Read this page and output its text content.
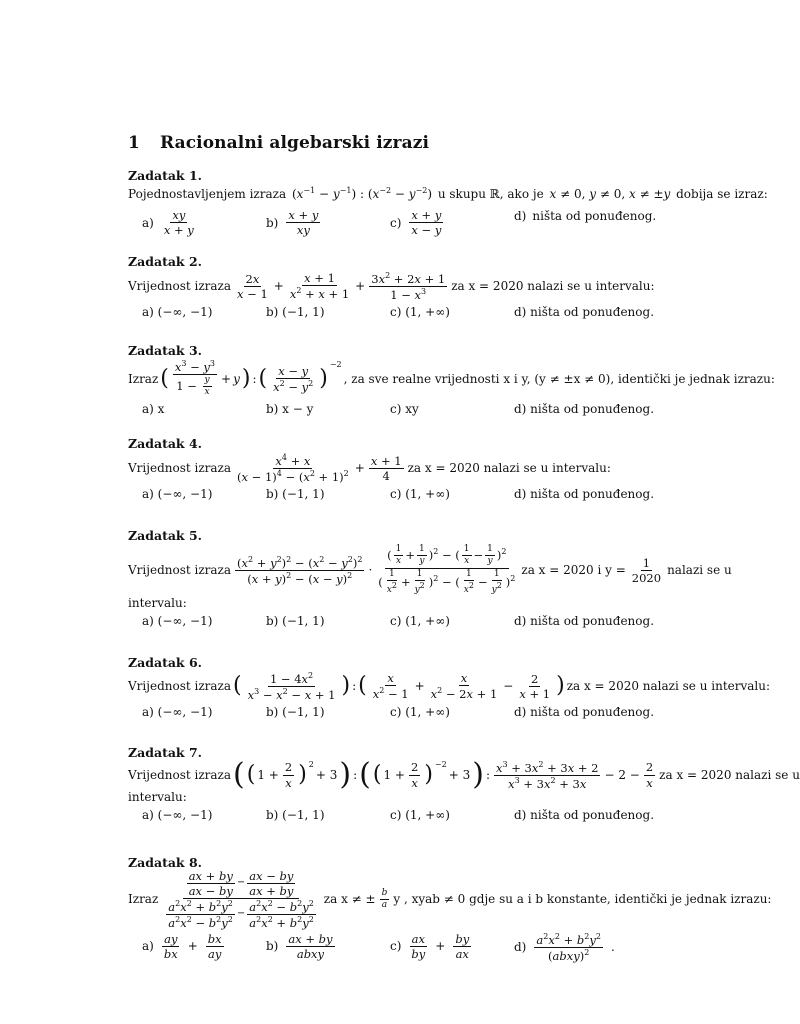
1 Racionalni algebarski izrazi
Zadatak 1.
Pojednostavljenjem izraza $(x^{-1} - y^{-1})$ : $(x^{-2} - y^{-2})$ u skupu ℝ, ako je x ≠ 0, y ≠ 0, x ≠ ±y dobija se izraz:
$a) \frac{xy}{x + y}$	$b) \frac{x + y}{xy}$	$c) \frac{x + y}{x - y}$	d) ništa od ponuđenog.
Zadatak 2.
Vrijednost izraza $\frac{2x}{x - 1} + \frac{x + 1}{x^2 + x + 1} + \frac{3x^2 + 2x + 1}{1 - x^3}$ za x = 2020 nalazi se u intervalu:
a) (−∞, −1)	b) (−1, 1)	c) (1, +∞)	d) ništa od ponuđenog.
Zadatak 3.
Izraz ( $\frac{x^3 - y^3}{1 - \frac{y}{x}} + y$ ) : ( $\frac{x - y}{x^2 - y^2}$ )
$^{-2}$
, za sve realne vrijednosti x i y, (y ≠ ±x ≠ 0), identički je jednak izrazu:
a) x	b) x − y	c) xy	d) ništa od ponuđenog.
Zadatak 4.
Vrijednost izraza $\frac{x^4 + x}{(x - 1)^4 - (x^2 + 1)^2} + \frac{x + 1}{4}$ za x = 2020 nalazi se u intervalu:
a) (−∞, −1)	b) (−1, 1)	c) (1, +∞)	d) ništa od ponuđenog.
Zadatak 5.
Vrijednost izraza $\frac{(x^2 + y^2)^2 - (x^2 - y^2)^2}{(x + y)^2 - (x - y)^2} \cdot \frac{( \frac{1}{x} + \frac{1}{y} )^2 - ( \frac{1}{x} - \frac{1}{y} )^2}{( \frac{1}{x^2} + \frac{1}{y^2} )^2 - ( \frac{1}{x^2} - \frac{1}{y^2} )^2}$ za x = 2020 i $y = \frac{1}{2020}$ nalazi se u
intervalu:
a) (−∞, −1)	b) (−1, 1)	c) (1, +∞)	d) ništa od ponuđenog.
Zadatak 6.
Vrijednost izraza ( $\frac{1 - 4x^2}{x^3 - x^2 - x + 1}$ ) : ( $\frac{x}{x^2 - 1} + \frac{x}{x^2 - 2x + 1} - \frac{2}{x + 1}$ ) za x = 2020 nalazi se u intervalu:
a) (−∞, −1)	b) (−1, 1)	c) (1, +∞)	d) ništa od ponuđenog.
Zadatak 7.
Vrijednost izraza ( ( $1 + \frac{2}{x}$ ) $^2$
+ 3 ) : ( ( $1 + \frac{2}{x}$ ) $^{-2}$
+ 3 ) : $\frac{x^3 + 3x^2 + 3x + 2}{x^3 + 3x^2 + 3x} - 2 - \frac{2}{x}$ za x = 2020 nalazi se u
intervalu:
a) (−∞, −1)	b) (−1, 1)	c) (1, +∞)	d) ništa od ponuđenog.
Zadatak 8.
Izraz $\frac{\frac{ax + by}{ax - by} - \frac{ax - by}{ax + by}}{\frac{a^2x^2 + b^2y^2}{a^2x^2 - b^2y^2} - \frac{a^2x^2 - b^2y^2}{a^2x^2 + b^2y^2}}$ za x ≠ ± $\frac{b}{a}$ y , xyab ≠ 0 gdje su a i b konstante, identički je jednak izrazu:
$a) \frac{ay}{bx} + \frac{bx}{ay}$	$b) \frac{ax + by}{\text{abxy}}$	$c) \frac{ax}{by} + \frac{by}{ax}$	$d) \frac{a^2x^2 + b^2y^2}{(abxy)^2}$ .
